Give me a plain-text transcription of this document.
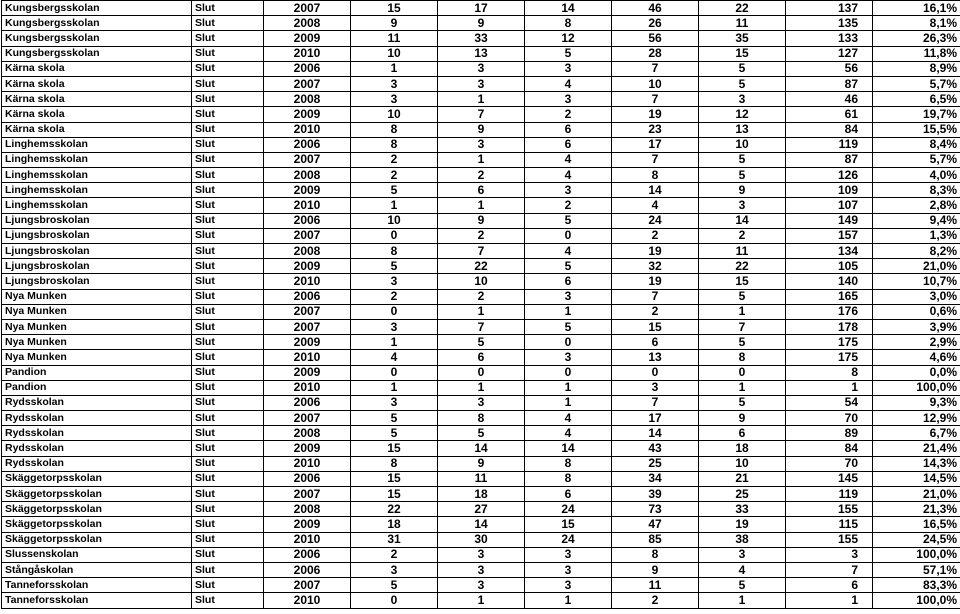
Kungsbergsskolan	Slut	2007	15	17	14	46	22	137	16,1%
Kungsbergsskolan	Slut	2008	9	9	8	26	11	135	8,1%
Kungsbergsskolan	Slut	2009	11	33	12	56	35	133	26,3%
Kungsbergsskolan	Slut	2010	10	13	5	28	15	127	11,8%
Kärna skola	Slut	2006	1	3	3	7	5	56	8,9%
Kärna skola	Slut	2007	3	3	4	10	5	87	5,7%
Kärna skola	Slut	2008	3	1	3	7	3	46	6,5%
Kärna skola	Slut	2009	10	7	2	19	12	61	19,7%
Kärna skola	Slut	2010	8	9	6	23	13	84	15,5%
Linghemsskolan	Slut	2006	8	3	6	17	10	119	8,4%
Linghemsskolan	Slut	2007	2	1	4	7	5	87	5,7%
Linghemsskolan	Slut	2008	2	2	4	8	5	126	4,0%
Linghemsskolan	Slut	2009	5	6	3	14	9	109	8,3%
Linghemsskolan	Slut	2010	1	1	2	4	3	107	2,8%
Ljungsbroskolan	Slut	2006	10	9	5	24	14	149	9,4%
Ljungsbroskolan	Slut	2007	0	2	0	2	2	157	1,3%
Ljungsbroskolan	Slut	2008	8	7	4	19	11	134	8,2%
Ljungsbroskolan	Slut	2009	5	22	5	32	22	105	21,0%
Ljungsbroskolan	Slut	2010	3	10	6	19	15	140	10,7%
Nya Munken	Slut	2006	2	2	3	7	5	165	3,0%
Nya Munken	Slut	2007	0	1	1	2	1	176	0,6%
Nya Munken	Slut	2007	3	7	5	15	7	178	3,9%
Nya Munken	Slut	2009	1	5	0	6	5	175	2,9%
Nya Munken	Slut	2010	4	6	3	13	8	175	4,6%
Pandion	Slut	2009	0	0	0	0	0	8	0,0%
Pandion	Slut	2010	1	1	1	3	1	1	100,0%
Rydsskolan	Slut	2006	3	3	1	7	5	54	9,3%
Rydsskolan	Slut	2007	5	8	4	17	9	70	12,9%
Rydsskolan	Slut	2008	5	5	4	14	6	89	6,7%
Rydsskolan	Slut	2009	15	14	14	43	18	84	21,4%
Rydsskolan	Slut	2010	8	9	8	25	10	70	14,3%
Skäggetorpsskolan	Slut	2006	15	11	8	34	21	145	14,5%
Skäggetorpsskolan	Slut	2007	15	18	6	39	25	119	21,0%
Skäggetorpsskolan	Slut	2008	22	27	24	73	33	155	21,3%
Skäggetorpsskolan	Slut	2009	18	14	15	47	19	115	16,5%
Skäggetorpsskolan	Slut	2010	31	30	24	85	38	155	24,5%
Slussenskolan	Slut	2006	2	3	3	8	3	3	100,0%
Stångåskolan	Slut	2006	3	3	3	9	4	7	57,1%
Tanneforsskolan	Slut	2007	5	3	3	11	5	6	83,3%
Tanneforsskolan	Slut	2010	0	1	1	2	1	1	100,0%
